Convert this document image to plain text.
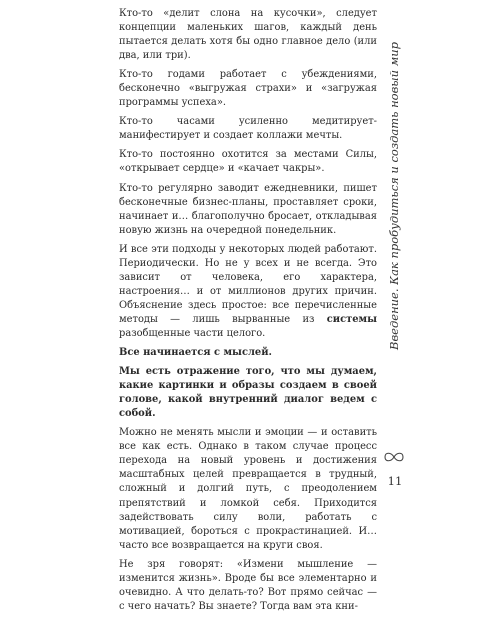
Кто-то «делит слона на кусочки», следует концепции маленьких шагов, каждый день пытается делать хотя бы одно главное дело (или два, или три).

Кто-то годами работает с убеждениями, бесконечно «выгружая страхи» и «загружая программы успеха».

Кто-то часами усиленно медитирует-манифестирует и создает коллажи мечты.

Кто-то постоянно охотится за местами Силы, «открывает сердце» и «качает чакры».

Кто-то регулярно заводит ежедневники, пишет бесконечные бизнес-планы, проставляет сроки, начинает и… благополучно бросает, откладывая новую жизнь на очередной понедельник.

И все эти подходы у некоторых людей работают. Периодически. Но не у всех и не всегда. Это зависит от человека, его характера, настроения… и от миллионов других причин. Объяснение здесь простое: все перечисленные методы — лишь вырванные из системы разобщенные части целого.

Все начинается с мыслей.

Мы есть отражение того, что мы думаем, какие картинки и образы создаем в своей голове, какой внутренний диалог ведем с собой.

Можно не менять мысли и эмоции — и оставить все как есть. Однако в таком случае процесс перехода на новый уровень и достижения масштабных целей превращается в трудный, сложный и долгий путь, с преодолением препятствий и ломкой себя. Приходится задействовать силу воли, работать с мотивацией, бороться с прокрастинацией. И… часто все возвращается на круги своя.

Не зря говорят: «Измени мышление — изменится жизнь». Вроде бы все элементарно и очевидно. А что делать-то? Вот прямо сейчас — с чего начать? Вы знаете? Тогда вам эта кни-

Введение. Как пробудиться и создать новый мир
11
